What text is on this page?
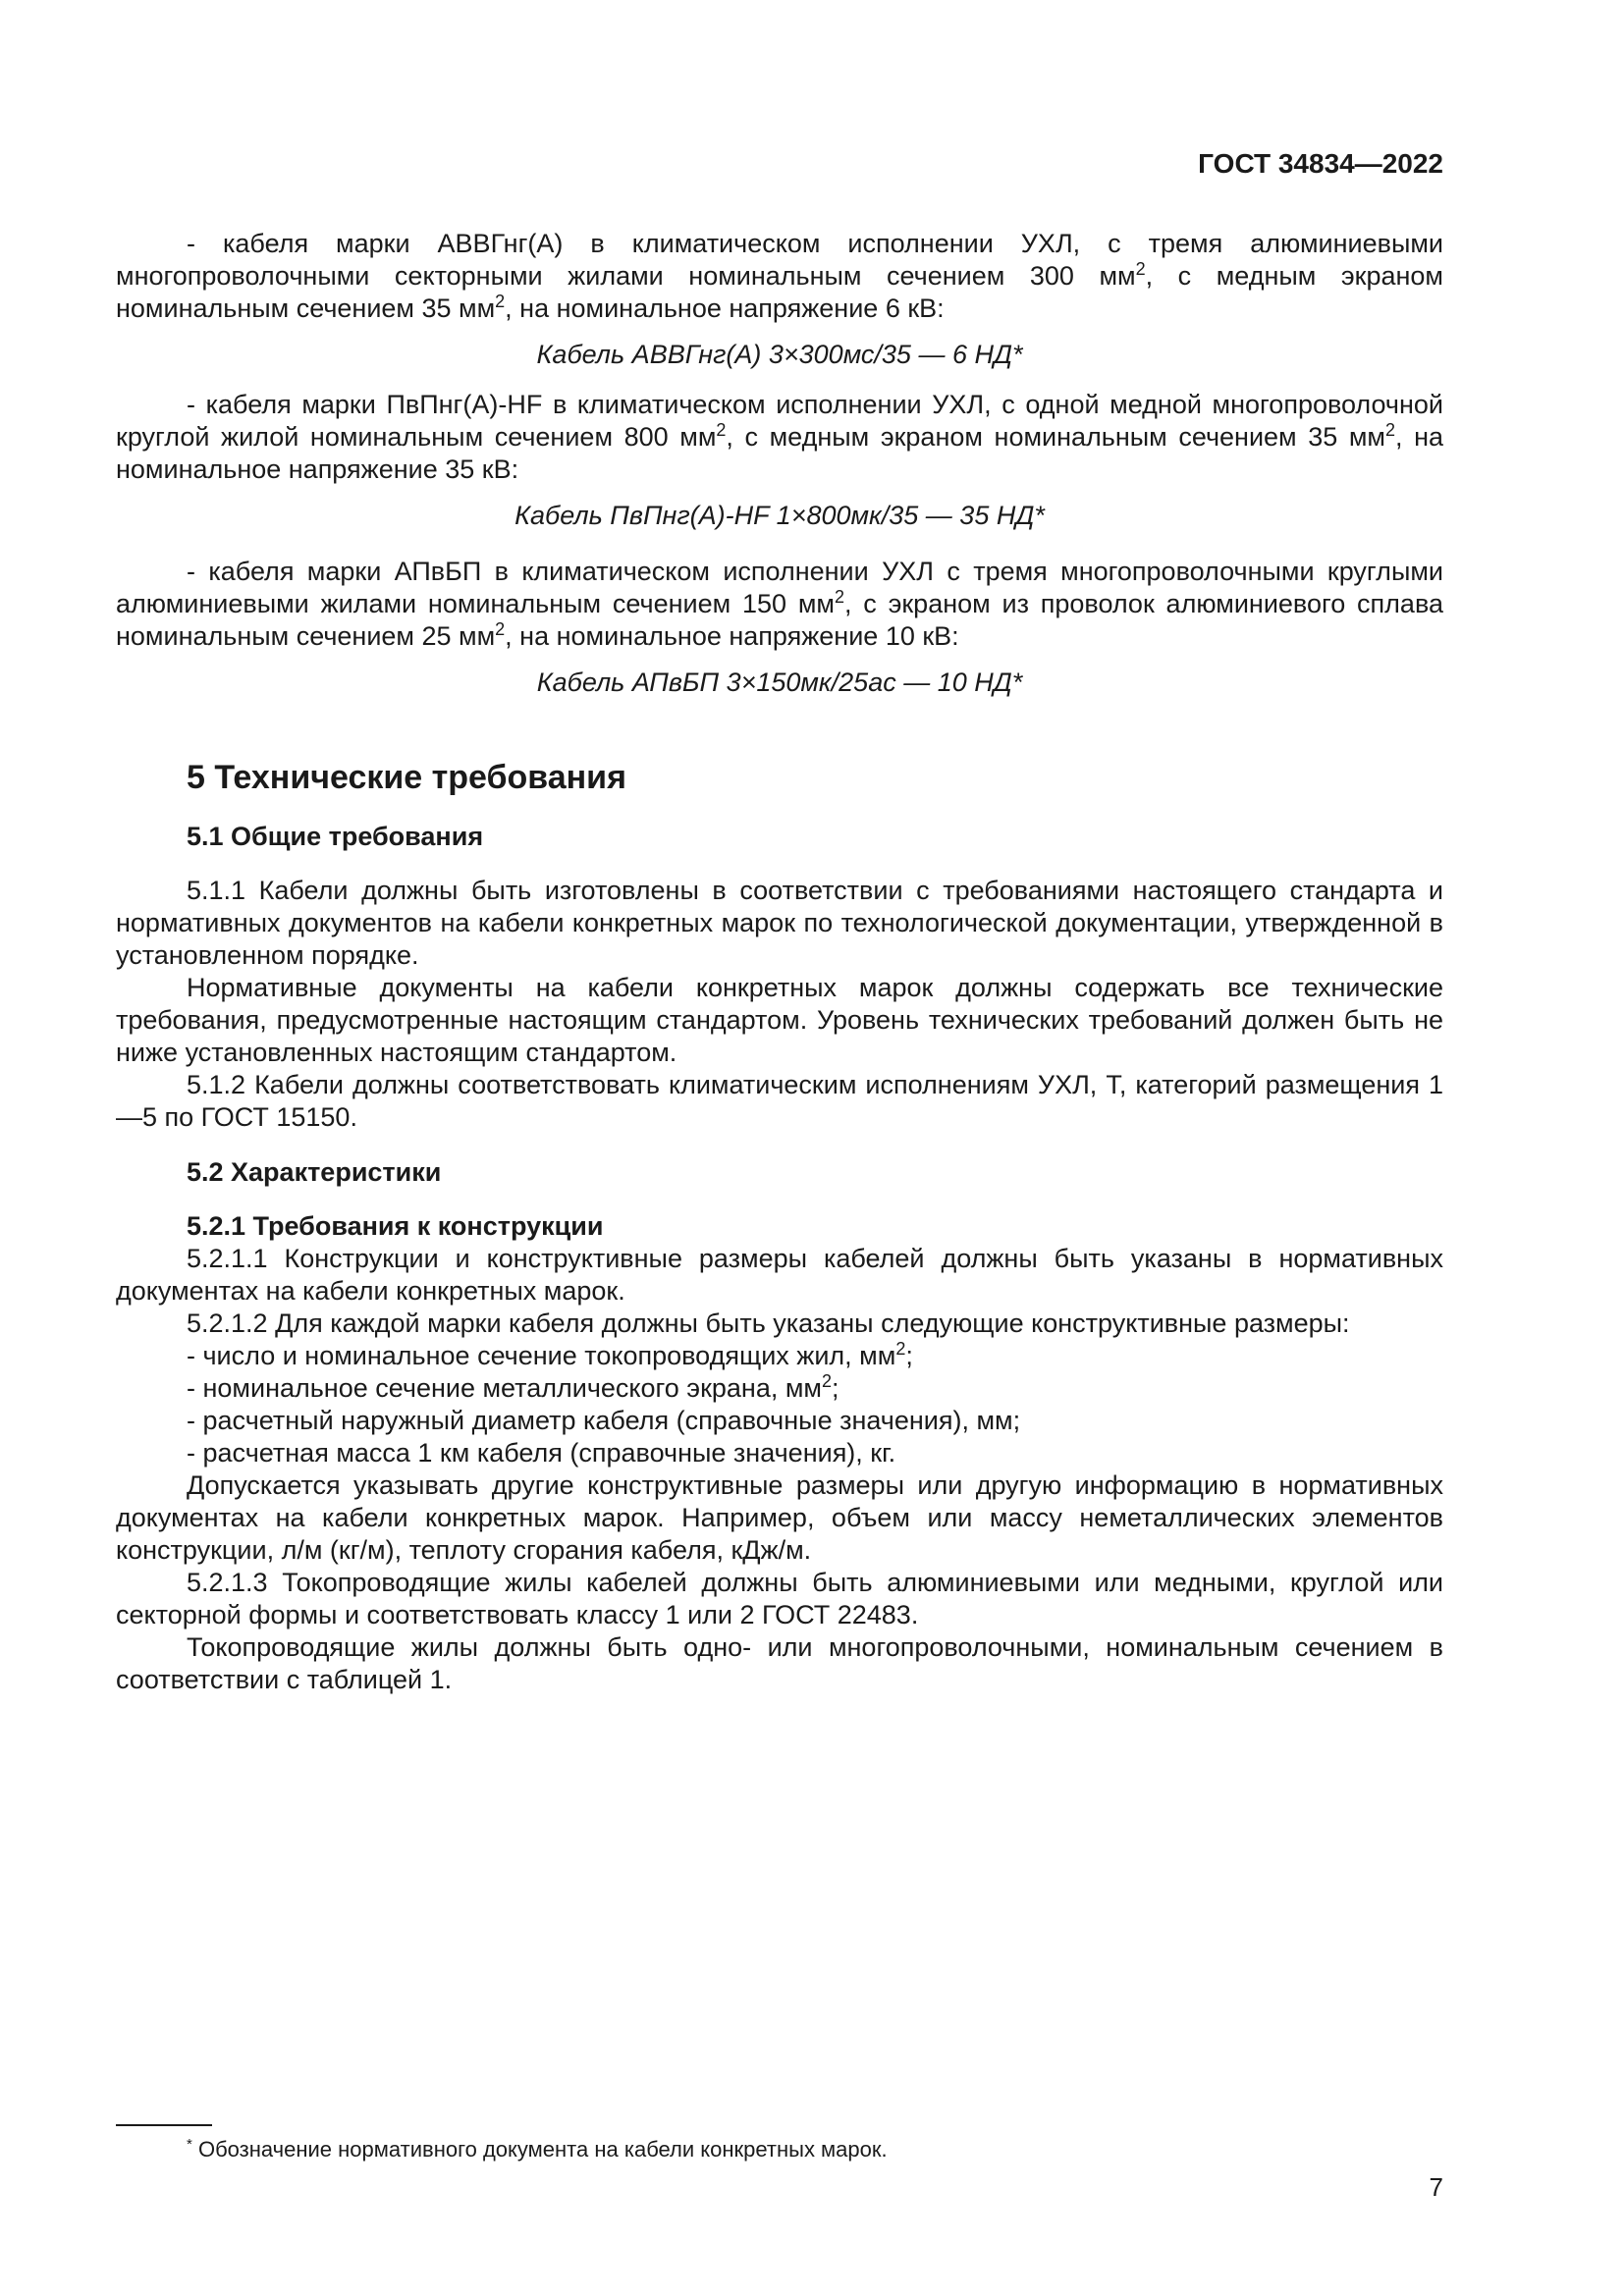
ГОСТ 34834—2022

- кабеля марки АВВГнг(А) в климатическом исполнении УХЛ, с тремя алюминиевыми многопроволочными секторными жилами номинальным сечением 300 $мм^2$, с медным экраном номинальным сечением 35 $мм^2$, на номинальное напряжение 6 кВ:

Кабель АВВГнг(А) 3×300мс/35 — 6 НД*

- кабеля марки ПвПнг(А)-HF в климатическом исполнении УХЛ, с одной медной многопроволочной круглой жилой номинальным сечением 800 $мм^2$, с медным экраном номинальным сечением 35 $мм^2$, на номинальное напряжение 35 кВ:

Кабель ПвПнг(А)-HF 1×800мк/35 — 35 НД*

- кабеля марки АПвБП в климатическом исполнении УХЛ с тремя многопроволочными круглыми алюминиевыми жилами номинальным сечением 150 $мм^2$, с экраном из проволок алюминиевого сплава номинальным сечением 25 $мм^2$, на номинальное напряжение 10 кВ:

Кабель АПвБП 3×150мк/25ас — 10 НД*

5 Технические требования
5.1 Общие требования

5.1.1 Кабели должны быть изготовлены в соответствии с требованиями настоящего стандарта и нормативных документов на кабели конкретных марок по технологической документации, утвержденной в установленном порядке.

Нормативные документы на кабели конкретных марок должны содержать все технические требования, предусмотренные настоящим стандартом. Уровень технических требований должен быть не ниже установленных настоящим стандартом.

5.1.2 Кабели должны соответствовать климатическим исполнениям УХЛ, Т, категорий размещения 1—5 по ГОСТ 15150.

5.2 Характеристики
5.2.1 Требования к конструкции

5.2.1.1 Конструкции и конструктивные размеры кабелей должны быть указаны в нормативных документах на кабели конкретных марок.

5.2.1.2 Для каждой марки кабеля должны быть указаны следующие конструктивные размеры:

- число и номинальное сечение токопроводящих жил, $мм^2$;

- номинальное сечение металлического экрана, $мм^2$;

- расчетный наружный диаметр кабеля (справочные значения), мм;

- расчетная масса 1 км кабеля (справочные значения), кг.

Допускается указывать другие конструктивные размеры или другую информацию в нормативных документах на кабели конкретных марок. Например, объем или массу неметаллических элементов конструкции, л/м (кг/м), теплоту сгорания кабеля, кДж/м.

5.2.1.3 Токопроводящие жилы кабелей должны быть алюминиевыми или медными, круглой или секторной формы и соответствовать классу 1 или 2 ГОСТ 22483.

Токопроводящие жилы должны быть одно- или многопроволочными, номинальным сечением в соответствии с таблицей 1.

* Обозначение нормативного документа на кабели конкретных марок.
7
